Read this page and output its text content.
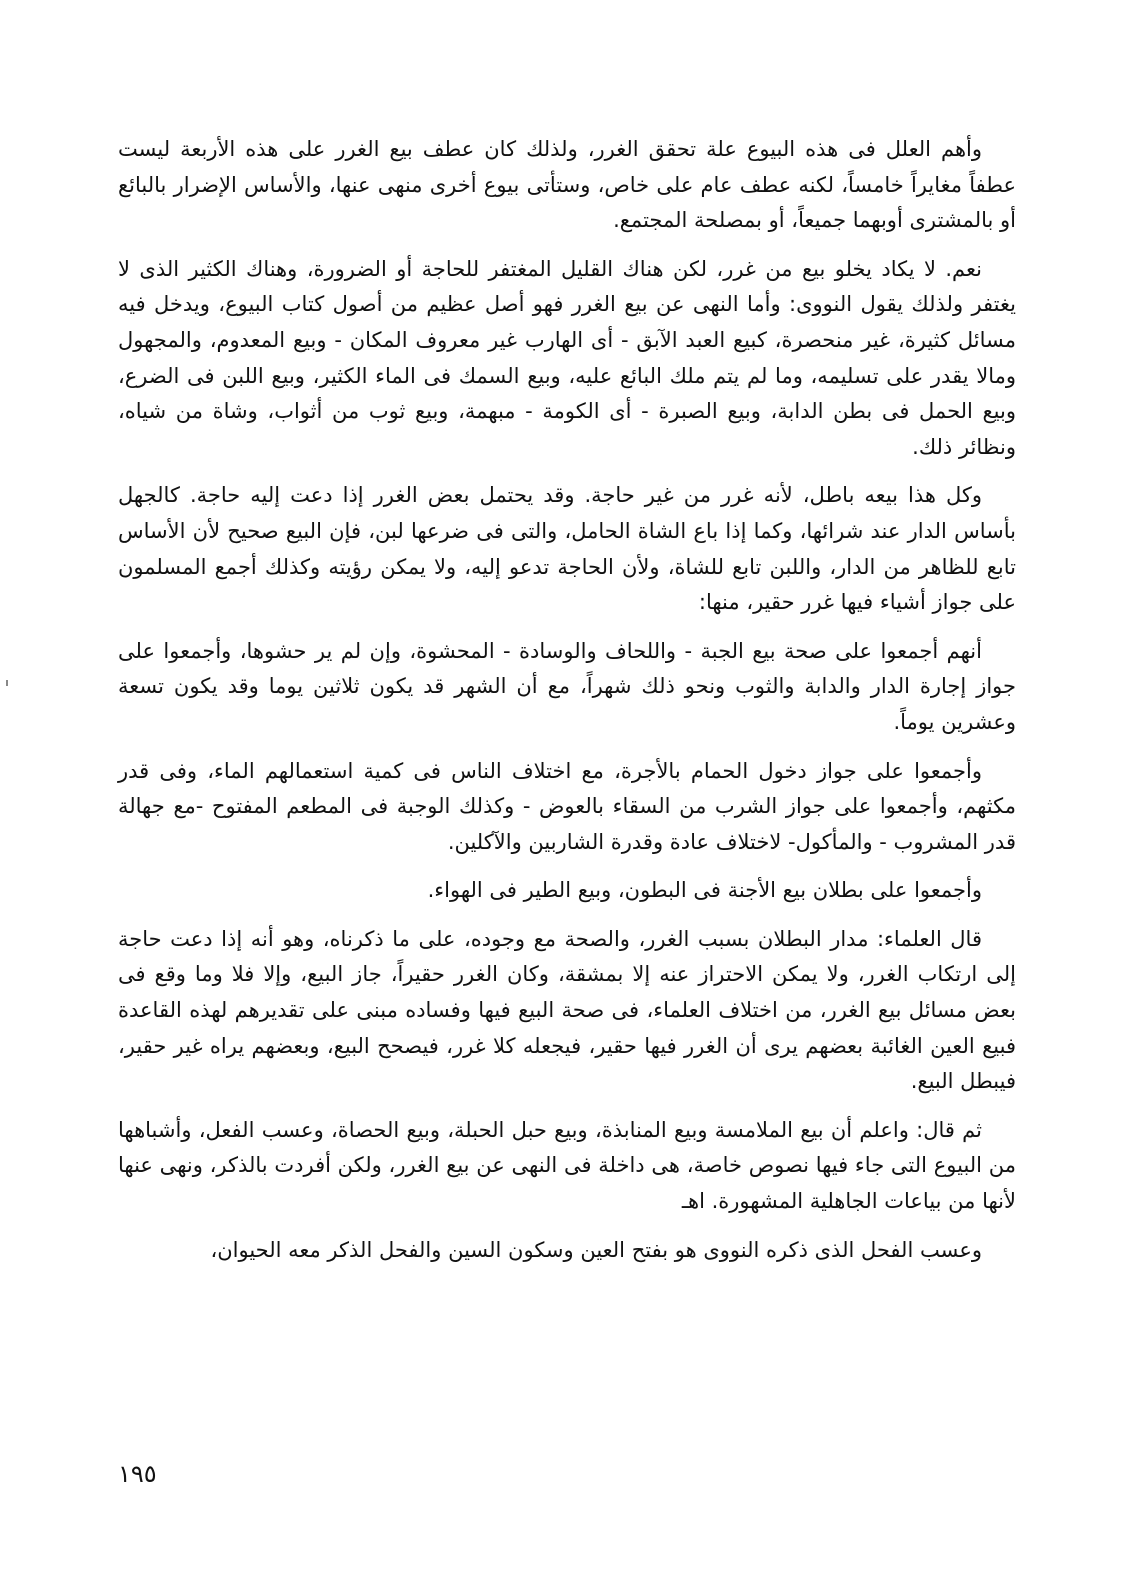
وأهم العلل فى هذه البيوع علة تحقق الغرر، ولذلك كان عطف بيع الغرر على هذه الأربعة ليست عطفاً مغايراً خامساً، لكنه عطف عام على خاص، وستأتى بيوع أخرى منهى عنها، والأساس الإضرار بالبائع أو بالمشترى أوبهما جميعاً، أو بمصلحة المجتمع.

نعم. لا يكاد يخلو بيع من غرر، لكن هناك القليل المغتفر للحاجة أو الضرورة، وهناك الكثير الذى لا يغتفر ولذلك يقول النووى: وأما النهى عن بيع الغرر فهو أصل عظيم من أصول كتاب البيوع، ويدخل فيه مسائل كثيرة، غير منحصرة، كبيع العبد الآبق - أى الهارب غير معروف المكان - وبيع المعدوم، والمجهول ومالا يقدر على تسليمه، وما لم يتم ملك البائع عليه، وبيع السمك فى الماء الكثير، وبيع اللبن فى الضرع، وبيع الحمل فى بطن الدابة، وبيع الصبرة - أى الكومة - مبهمة، وبيع ثوب من أثواب، وشاة من شياه، ونظائر ذلك.

وكل هذا بيعه باطل، لأنه غرر من غير حاجة. وقد يحتمل بعض الغرر إذا دعت إليه حاجة. كالجهل بأساس الدار عند شرائها، وكما إذا باع الشاة الحامل، والتى فى ضرعها لبن، فإن البيع صحيح لأن الأساس تابع للظاهر من الدار، واللبن تابع للشاة، ولأن الحاجة تدعو إليه، ولا يمكن رؤيته وكذلك أجمع المسلمون على جواز أشياء فيها غرر حقير، منها:

أنهم أجمعوا على صحة بيع الجبة - واللحاف والوسادة - المحشوة، وإن لم ير حشوها، وأجمعوا على جواز إجارة الدار والدابة والثوب ونحو ذلك شهراً، مع أن الشهر قد يكون ثلاثين يوما وقد يكون تسعة وعشرين يوماً.

وأجمعوا على جواز دخول الحمام بالأجرة، مع اختلاف الناس فى كمية استعمالهم الماء، وفى قدر مكثهم، وأجمعوا على جواز الشرب من السقاء بالعوض - وكذلك الوجبة فى المطعم المفتوح -مع جهالة قدر المشروب - والمأكول- لاختلاف عادة وقدرة الشاربين والآكلين.

وأجمعوا على بطلان بيع الأجنة فى البطون، وبيع الطير فى الهواء.

قال العلماء: مدار البطلان بسبب الغرر، والصحة مع وجوده، على ما ذكرناه، وهو أنه إذا دعت حاجة إلى ارتكاب الغرر، ولا يمكن الاحتراز عنه إلا بمشقة، وكان الغرر حقيراً، جاز البيع، وإلا فلا وما وقع فى بعض مسائل بيع الغرر، من اختلاف العلماء، فى صحة البيع فيها وفساده مبنى على تقديرهم لهذه القاعدة فبيع العين الغائبة بعضهم يرى أن الغرر فيها حقير، فيجعله كلا غرر، فيصحح البيع، وبعضهم يراه غير حقير، فيبطل البيع.

ثم قال: واعلم أن بيع الملامسة وبيع المنابذة، وبيع حبل الحبلة، وبيع الحصاة، وعسب الفعل، وأشباهها من البيوع التى جاء فيها نصوص خاصة، هى داخلة فى النهى عن بيع الغرر، ولكن أفردت بالذكر، ونهى عنها لأنها من بياعات الجاهلية المشهورة. اهـ

وعسب الفحل الذى ذكره النووى هو بفتح العين وسكون السين والفحل الذكر معه الحيوان،

١٩٥
